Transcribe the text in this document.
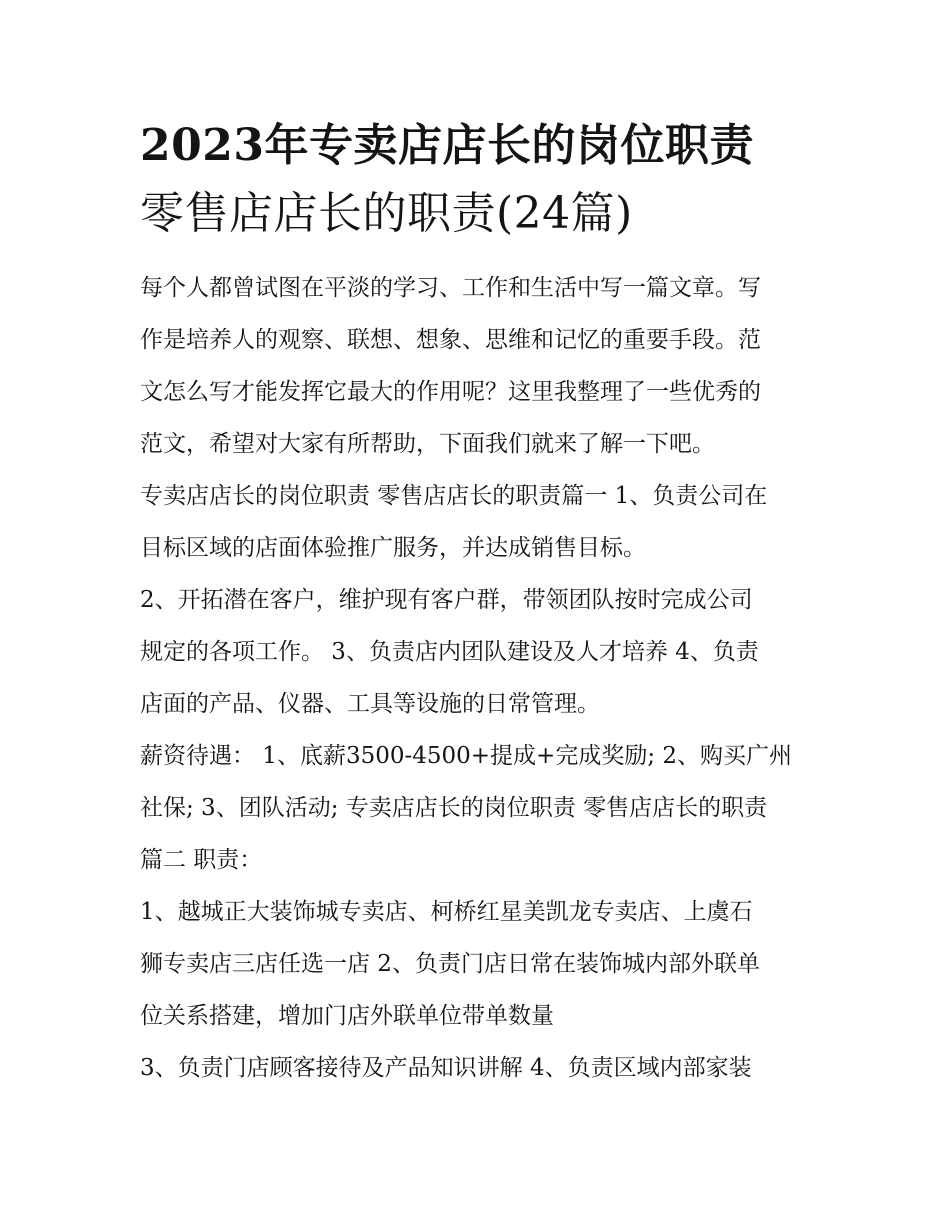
2023年专卖店店长的岗位职责
零售店店长的职责(24篇)

每个人都曾试图在平淡的学习、工作和生活中写一篇文章。写
作是培养人的观察、联想、想象、思维和记忆的重要手段。范
文怎么写才能发挥它最大的作用呢？这里我整理了一些优秀的
范文，希望对大家有所帮助，下面我们就来了解一下吧。

专卖店店长的岗位职责 零售店店长的职责篇一 1、负责公司在
目标区域的店面体验推广服务，并达成销售目标。

2、开拓潜在客户，维护现有客户群，带领团队按时完成公司
规定的各项工作。 3、负责店内团队建设及人才培养 4、负责
店面的产品、仪器、工具等设施的日常管理。

薪资待遇： 1、底薪3500-4500+提成+完成奖励; 2、购买广州
社保; 3、团队活动; 专卖店店长的岗位职责 零售店店长的职责
篇二 职责：

1、越城正大装饰城专卖店、柯桥红星美凯龙专卖店、上虞石
狮专卖店三店任选一店 2、负责门店日常在装饰城内部外联单
位关系搭建，增加门店外联单位带单数量

3、负责门店顾客接待及产品知识讲解 4、负责区域内部家装
